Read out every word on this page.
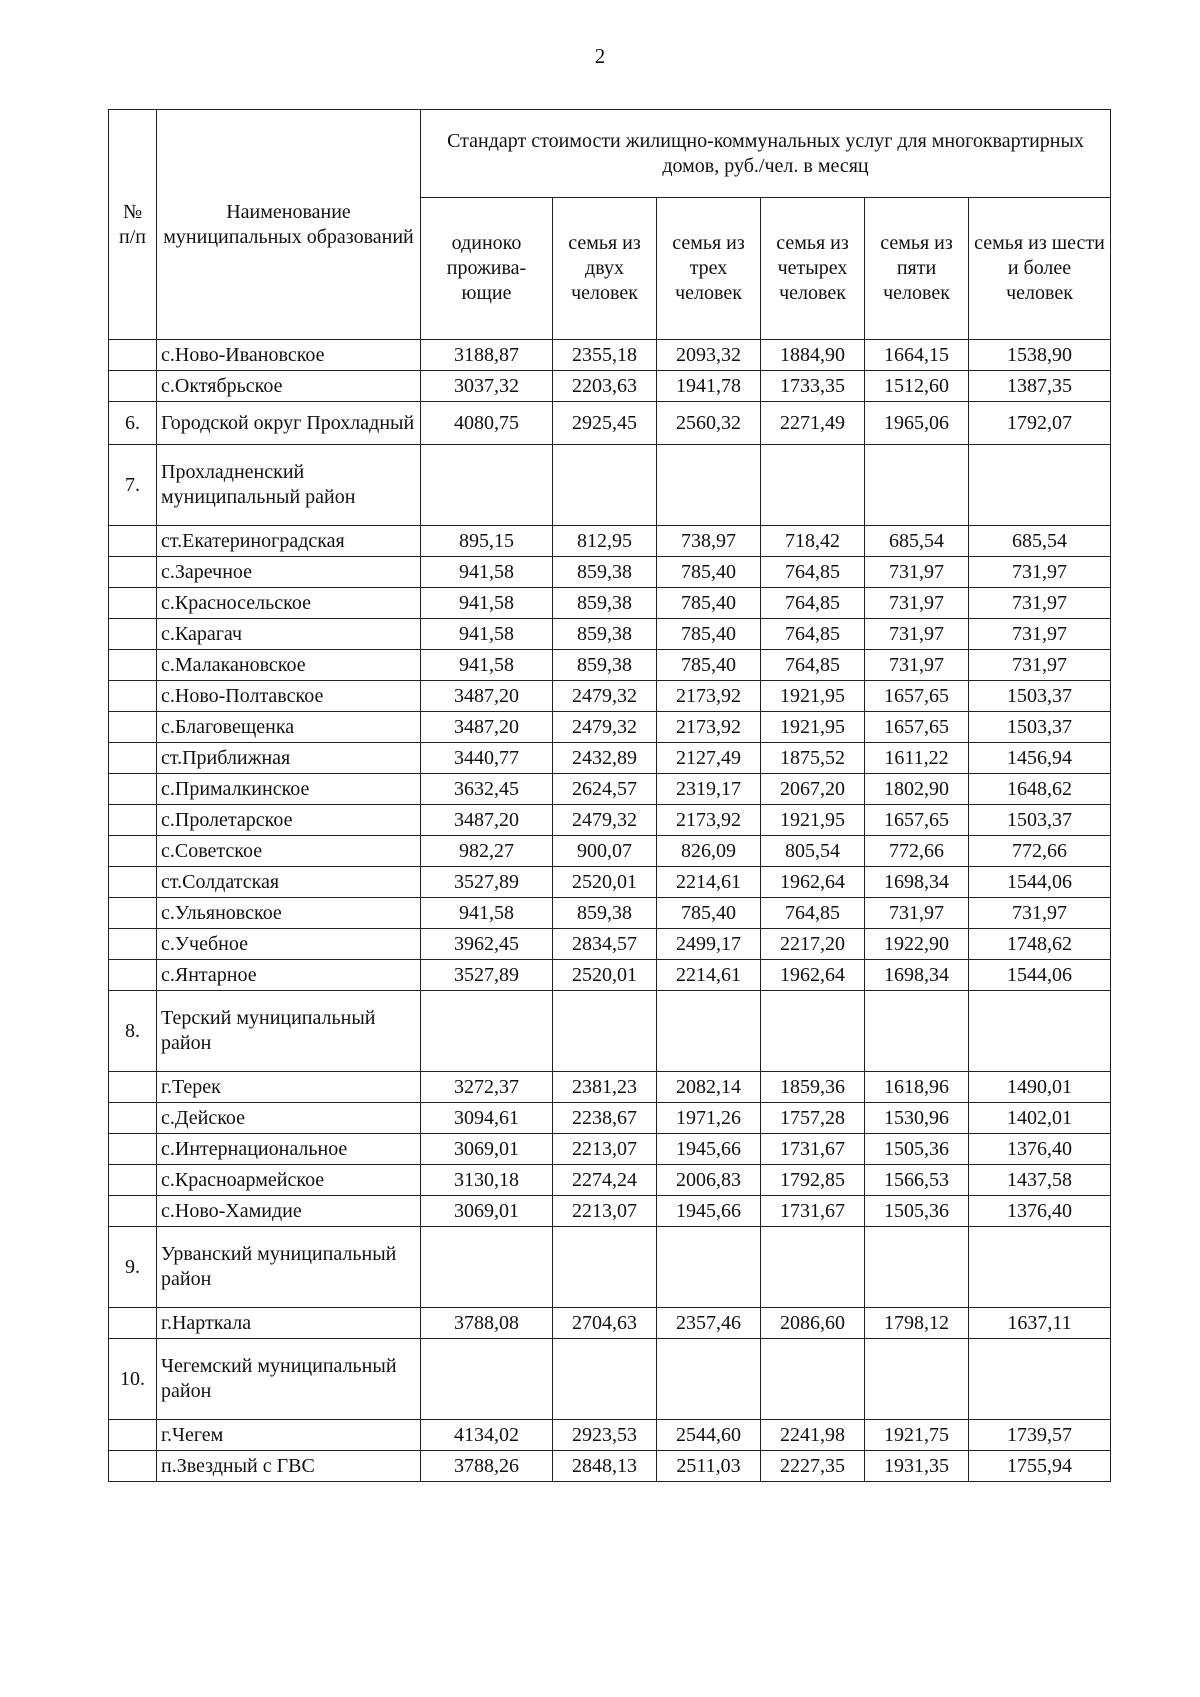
2
№ п/п	Наименование муниципальных образований	Стандарт стоимости жилищно-коммунальных услуг для многоквартирных домов, руб./чел. в месяц					
		одиноко прожива-ющие	семья из двух человек	семья из трех человек	семья из четырех человек	семья из пяти человек	семья из шести и более человек
	с.Ново-Ивановское	3188,87	2355,18	2093,32	1884,90	1664,15	1538,90
	с.Октябрьское	3037,32	2203,63	1941,78	1733,35	1512,60	1387,35
6.	Городской округ Прохладный	4080,75	2925,45	2560,32	2271,49	1965,06	1792,07
7.	Прохладненский муниципальный район						
	ст.Екатериноградская	895,15	812,95	738,97	718,42	685,54	685,54
	с.Заречное	941,58	859,38	785,40	764,85	731,97	731,97
	с.Красносельское	941,58	859,38	785,40	764,85	731,97	731,97
	с.Карагач	941,58	859,38	785,40	764,85	731,97	731,97
	с.Малакановское	941,58	859,38	785,40	764,85	731,97	731,97
	с.Ново-Полтавское	3487,20	2479,32	2173,92	1921,95	1657,65	1503,37
	с.Благовещенка	3487,20	2479,32	2173,92	1921,95	1657,65	1503,37
	ст.Приближная	3440,77	2432,89	2127,49	1875,52	1611,22	1456,94
	с.Прималкинское	3632,45	2624,57	2319,17	2067,20	1802,90	1648,62
	с.Пролетарское	3487,20	2479,32	2173,92	1921,95	1657,65	1503,37
	с.Советское	982,27	900,07	826,09	805,54	772,66	772,66
	ст.Солдатская	3527,89	2520,01	2214,61	1962,64	1698,34	1544,06
	с.Ульяновское	941,58	859,38	785,40	764,85	731,97	731,97
	с.Учебное	3962,45	2834,57	2499,17	2217,20	1922,90	1748,62
	с.Янтарное	3527,89	2520,01	2214,61	1962,64	1698,34	1544,06
8.	Терский муниципальный район						
	г.Терек	3272,37	2381,23	2082,14	1859,36	1618,96	1490,01
	с.Дейское	3094,61	2238,67	1971,26	1757,28	1530,96	1402,01
	с.Интернациональное	3069,01	2213,07	1945,66	1731,67	1505,36	1376,40
	с.Красноармейское	3130,18	2274,24	2006,83	1792,85	1566,53	1437,58
	с.Ново-Хамидие	3069,01	2213,07	1945,66	1731,67	1505,36	1376,40
9.	Урванский муниципальный район						
	г.Нарткала	3788,08	2704,63	2357,46	2086,60	1798,12	1637,11
10.	Чегемский муниципальный район						
	г.Чегем	4134,02	2923,53	2544,60	2241,98	1921,75	1739,57
	п.Звездный с ГВС	3788,26	2848,13	2511,03	2227,35	1931,35	1755,94
